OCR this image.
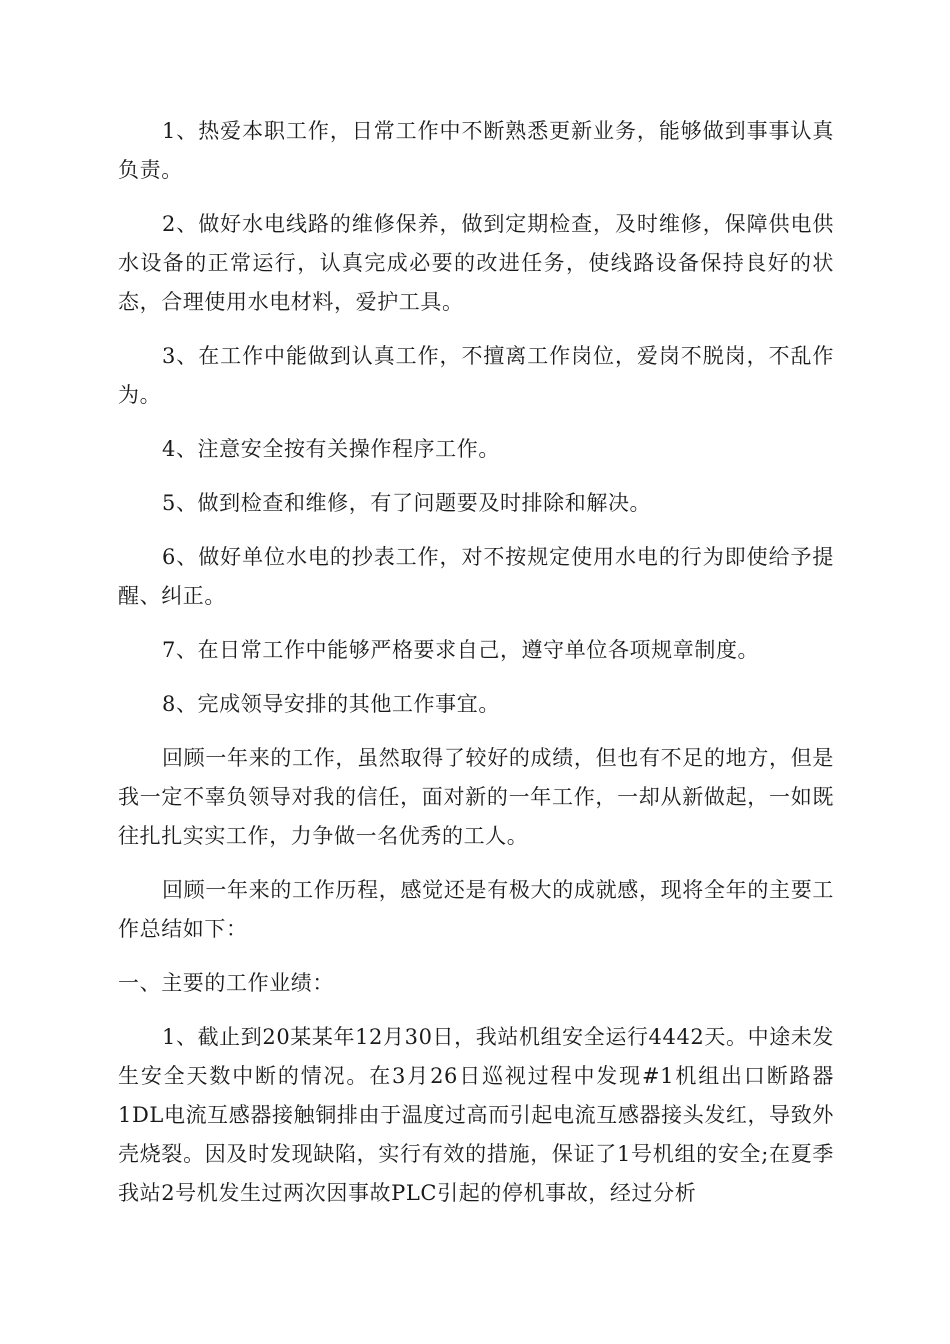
1、热爱本职工作，日常工作中不断熟悉更新业务，能够做到事事认真负责。

2、做好水电线路的维修保养，做到定期检查，及时维修，保障供电供水设备的正常运行，认真完成必要的改进任务，使线路设备保持良好的状态，合理使用水电材料，爱护工具。

3、在工作中能做到认真工作，不擅离工作岗位，爱岗不脱岗，不乱作为。

4、注意安全按有关操作程序工作。

5、做到检查和维修，有了问题要及时排除和解决。

6、做好单位水电的抄表工作，对不按规定使用水电的行为即使给予提醒、纠正。

7、在日常工作中能够严格要求自己，遵守单位各项规章制度。

8、完成领导安排的其他工作事宜。

回顾一年来的工作，虽然取得了较好的成绩，但也有不足的地方，但是我一定不辜负领导对我的信任，面对新的一年工作，一却从新做起，一如既往扎扎实实工作，力争做一名优秀的工人。

回顾一年来的工作历程，感觉还是有极大的成就感，现将全年的主要工作总结如下：

一、主要的工作业绩：

1、截止到20某某年12月30日，我站机组安全运行4442天。中途未发生安全天数中断的情况。在3月26日巡视过程中发现#1机组出口断路器1DL电流互感器接触铜排由于温度过高而引起电流互感器接头发红，导致外壳烧裂。因及时发现缺陷，实行有效的措施，保证了1号机组的安全;在夏季我站2号机发生过两次因事故PLC引起的停机事故，经过分析
